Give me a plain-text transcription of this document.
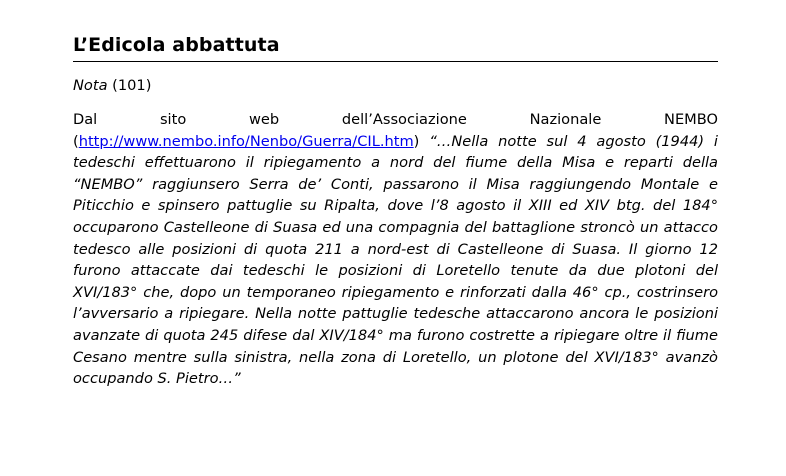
L’Edicola abbattuta
Nota (101)

Dal sito web dell’Associazione Nazionale NEMBO (http://www.nembo.info/Nenbo/Guerra/CIL.htm) “…Nella notte sul 4 agosto (1944) i tedeschi effettuarono il ripiegamento a nord del fiume della Misa e reparti della “NEMBO” raggiunsero Serra de’ Conti, passarono il Misa raggiungendo Montale e Piticchio e spinsero pattuglie su Ripalta, dove l’8 agosto il XIII ed XIV btg. del 184° occuparono Castelleone di Suasa ed una compagnia del battaglione stroncò un attacco tedesco alle posizioni di quota 211 a nord-est di Castelleone di Suasa. Il giorno 12 furono attaccate dai tedeschi le posizioni di Loretello tenute da due plotoni del XVI/183° che, dopo un temporaneo ripiegamento e rinforzati dalla 46° cp., costrinsero l’avversario a ripiegare. Nella notte pattuglie tedesche attaccarono ancora le posizioni avanzate di quota 245 difese dal XIV/184° ma furono costrette a ripiegare oltre il fiume Cesano mentre sulla sinistra, nella zona di Loretello, un plotone del XVI/183° avanzò occupando S. Pietro…”
